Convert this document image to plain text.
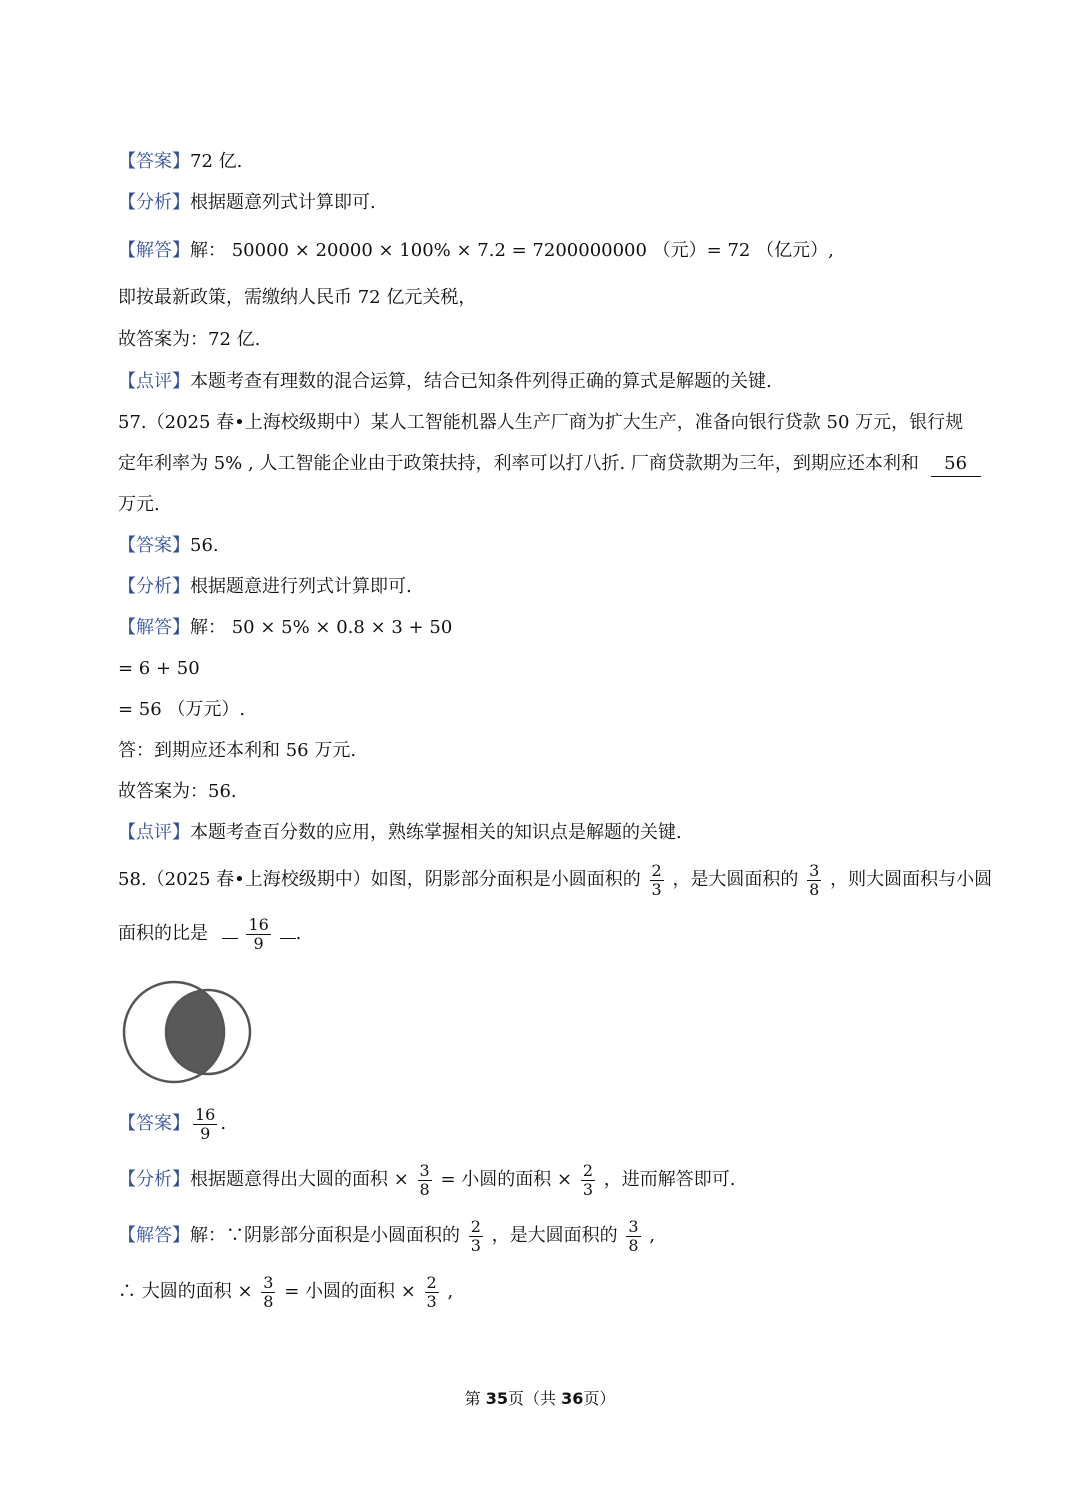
【答案】72 亿.
【分析】根据题意列式计算即可.
【解答】解： 50000 × 20000 × 100% × 7.2 = 7200000000 （元）= 72 （亿元）,
即按最新政策，需缴纳人民币 72 亿元关税，
故答案为：72 亿.
【点评】本题考查有理数的混合运算，结合已知条件列得正确的算式是解题的关键.
57.（2025 春•上海校级期中）某人工智能机器人生产厂商为扩大生产，准备向银行贷款 50 万元，银行规
定年利率为 5% , 人工智能企业由于政策扶持，利率可以打八折. 厂商贷款期为三年，到期应还本利和 56
万元.
【答案】56.
【分析】根据题意进行列式计算即可.
【解答】解： 50 × 5% × 0.8 × 3 + 50
= 6 + 50
= 56 （万元）.
答：到期应还本利和 56 万元.
故答案为：56.
【点评】本题考查百分数的应用，熟练掌握相关的知识点是解题的关键.
58.（2025 春•上海校级期中）如图，阴影部分面积是小圆面积的 $\frac{2}{3}$ ，是大圆面积的 $\frac{3}{8}$ ，则大圆面积与小圆
面积的比是 $\frac{16}{9}$ .
【答案】 $\frac{16}{9}$ .
【分析】根据题意得出大圆的面积 × $\frac{3}{8}$ = 小圆的面积 × $\frac{2}{3}$ ，进而解答即可.
【解答】解：∵阴影部分面积是小圆面积的 $\frac{2}{3}$ ，是大圆面积的 $\frac{3}{8}$ ,
∴ 大圆的面积 × $\frac{3}{8}$ = 小圆的面积 × $\frac{2}{3}$ ,
第 35页（共 36页）
